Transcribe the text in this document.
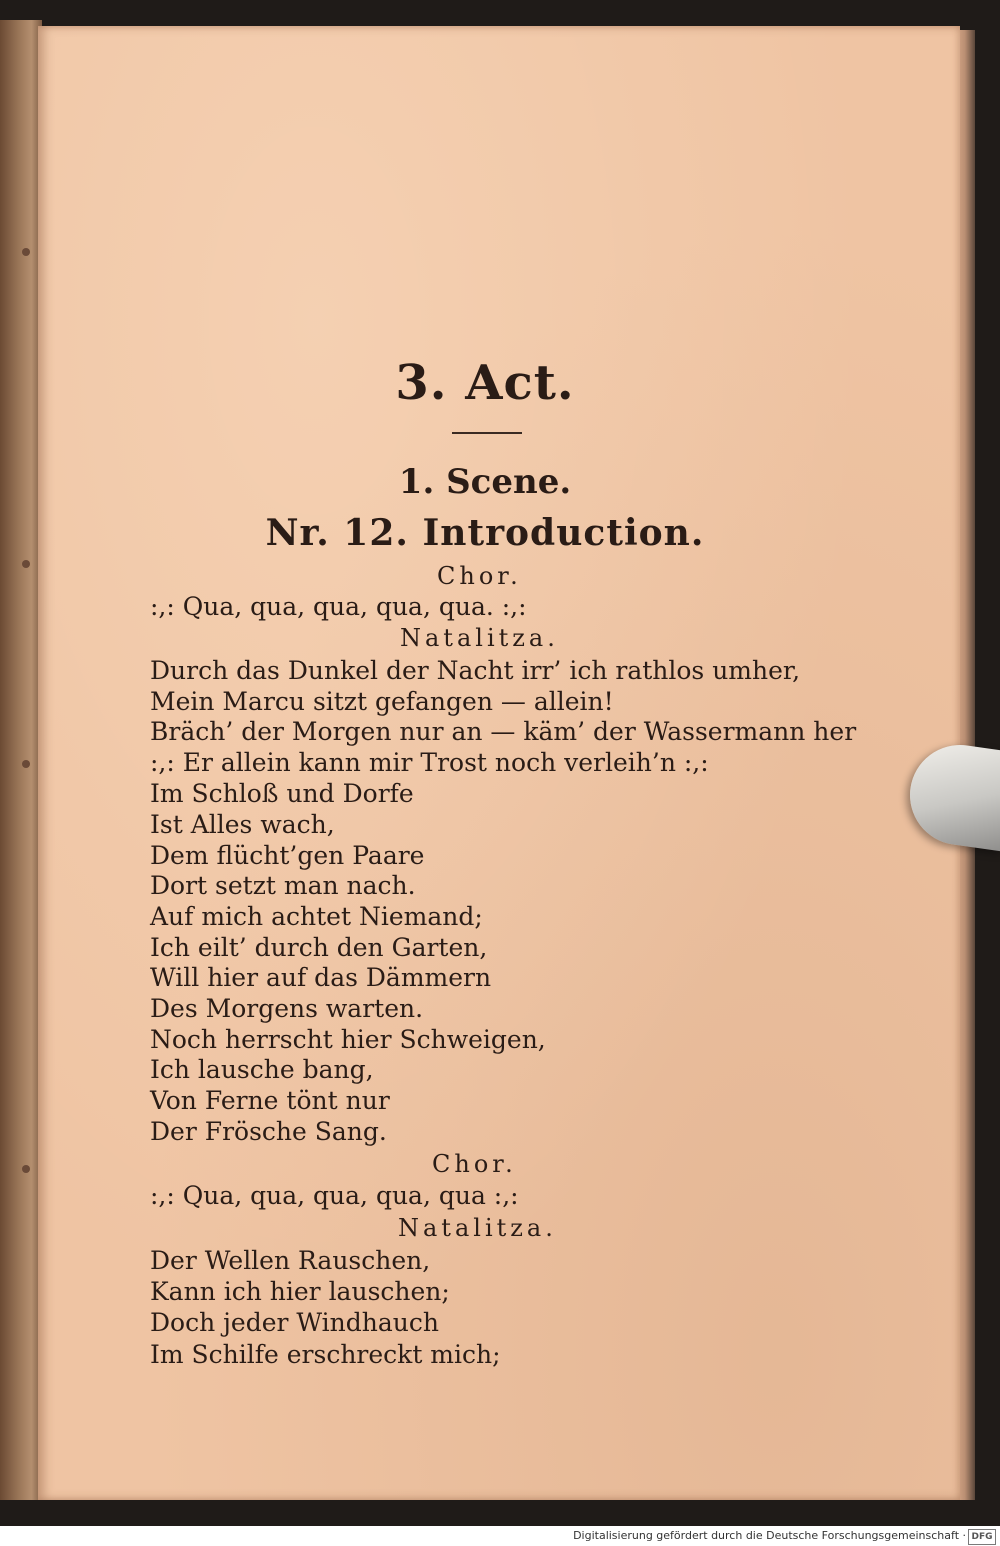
3. Act.
1. Scene.
Nr. 12. Introduction.
Chor.
:,: Qua, qua, qua, qua, qua. :,:
Natalitza.
Durch das Dunkel der Nacht irr’ ich rathlos umher,
Mein Marcu sitzt gefangen — allein!
Bräch’ der Morgen nur an — käm’ der Wassermann her
:,: Er allein kann mir Trost noch verleih’n :,:
Im Schloß und Dorfe
Ist Alles wach,
Dem flücht’gen Paare
Dort setzt man nach.
Auf mich achtet Niemand;
Ich eilt’ durch den Garten,
Will hier auf das Dämmern
Des Morgens warten.
Noch herrscht hier Schweigen,
Ich lausche bang,
Von Ferne tönt nur
Der Frösche Sang.
Chor.
:,: Qua, qua, qua, qua, qua :,:
Natalitza.
Der Wellen Rauschen,
Kann ich hier lauschen;
Doch jeder Windhauch
Im Schilfe erschreckt mich;
Digitalisierung gefördert durch die Deutsche Forschungsgemeinschaft · DFG
